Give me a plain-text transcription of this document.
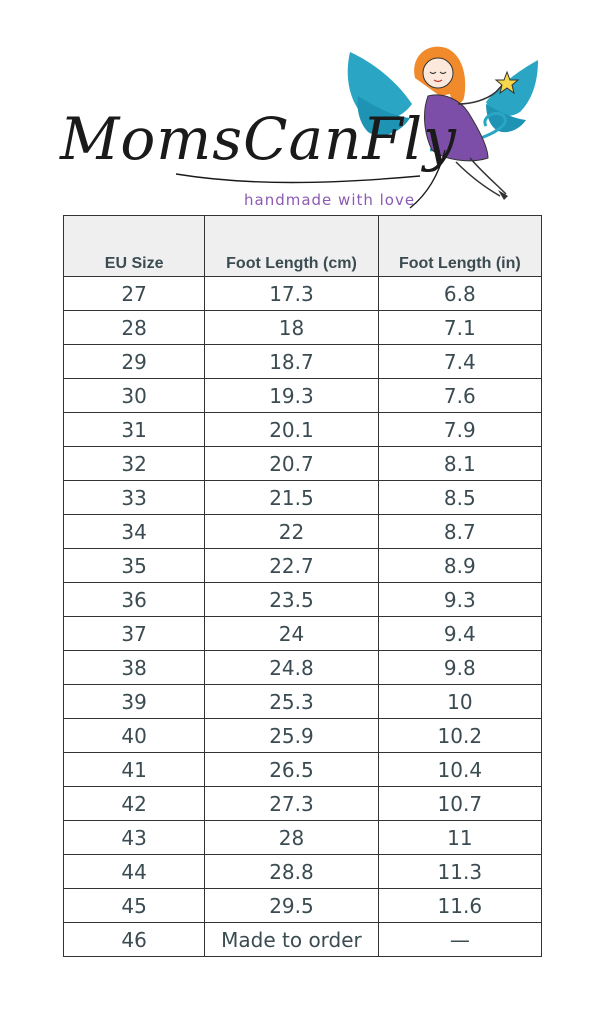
MomsCanFly
handmade with love
EU Size	Foot Length (cm)	Foot Length (in)
27	17.3	6.8
28	18	7.1
29	18.7	7.4
30	19.3	7.6
31	20.1	7.9
32	20.7	8.1
33	21.5	8.5
34	22	8.7
35	22.7	8.9
36	23.5	9.3
37	24	9.4
38	24.8	9.8
39	25.3	10
40	25.9	10.2
41	26.5	10.4
42	27.3	10.7
43	28	11
44	28.8	11.3
45	29.5	11.6
46	Made to order	—
